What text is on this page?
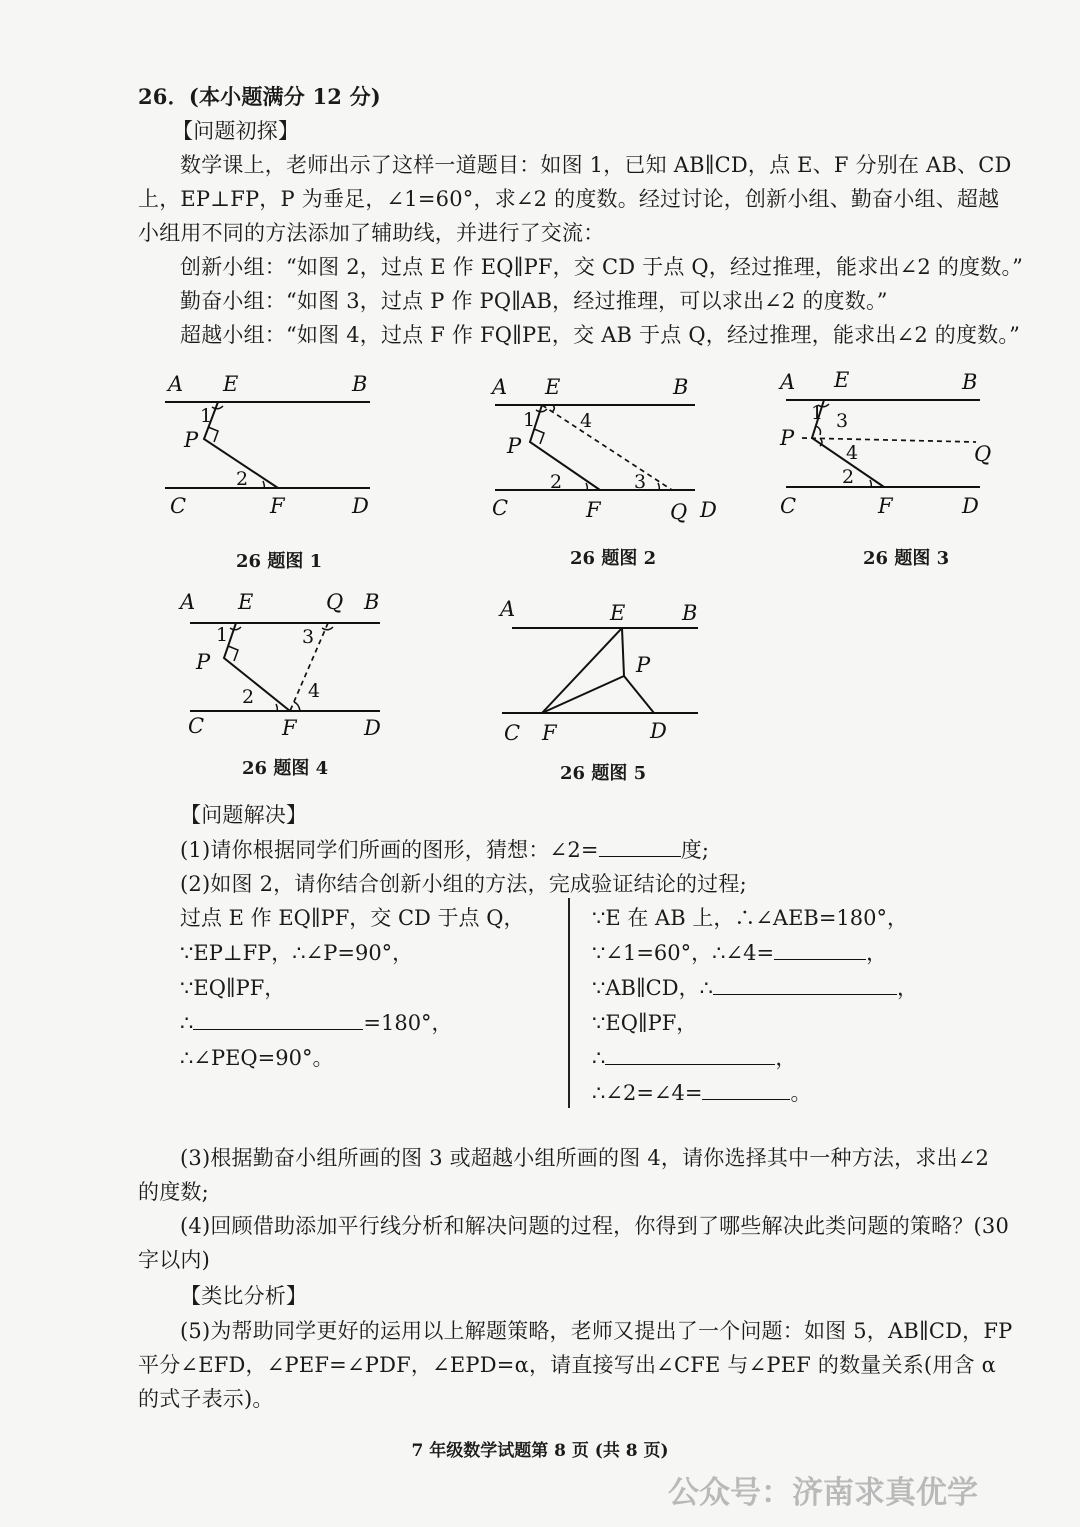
26．(本小题满分 12 分)
【问题初探】
数学课上，老师出示了这样一道题目：如图 1，已知 AB∥CD，点 E、F 分别在 AB、CD
上，EP⊥FP，P 为垂足，∠1=60°，求∠2 的度数。经过讨论，创新小组、勤奋小组、超越
小组用不同的方法添加了辅助线，并进行了交流：
创新小组：“如图 2，过点 E 作 EQ∥PF，交 CD 于点 Q，经过推理，能求出∠2 的度数。”
勤奋小组：“如图 3，过点 P 作 PQ∥AB，经过推理，可以求出∠2 的度数。”
超越小组：“如图 4，过点 F 作 FQ∥PE，交 AB 于点 Q，经过推理，能求出∠2 的度数。”
A E	B
1
P
2
C	F	D
26 题图 1
A E	B
1 4
P
2	3
C	F	Q D
26 题图 2
A E	B
1 3
P
4	Q
2
C	F	D
26 题图 3
A E	Q B
1	3
P
4
2
C	F	D
26 题图 4
A	E	B
P
C F	D
26 题图 5
【问题解决】
(1)请你根据同学们所画的图形，猜想：∠2=	度;
(2)如图 2，请你结合创新小组的方法，完成验证结论的过程;
过点 E 作 EQ∥PF，交 CD 于点 Q，
∵EP⊥FP，∴∠P=90°，
∵EQ∥PF，
∴	=180°，
∴∠PEQ=90°。
∵E 在 AB 上，∴∠AEB=180°，
∵∠1=60°，∴∠4=	，
∵AB∥CD，∴	，
∵EQ∥PF，
∴	，
∴∠2=∠4=	。
(3)根据勤奋小组所画的图 3 或超越小组所画的图 4，请你选择其中一种方法，求出∠2
的度数;
(4)回顾借助添加平行线分析和解决问题的过程，你得到了哪些解决此类问题的策略？(30
字以内)
【类比分析】
(5)为帮助同学更好的运用以上解题策略，老师又提出了一个问题：如图 5，AB∥CD，FP
平分∠EFD，∠PEF=∠PDF，∠EPD=α，请直接写出∠CFE 与∠PEF 的数量关系(用含 α
的式子表示)。
7 年级数学试题第 8 页 (共 8 页)
公众号：济南求真优学
